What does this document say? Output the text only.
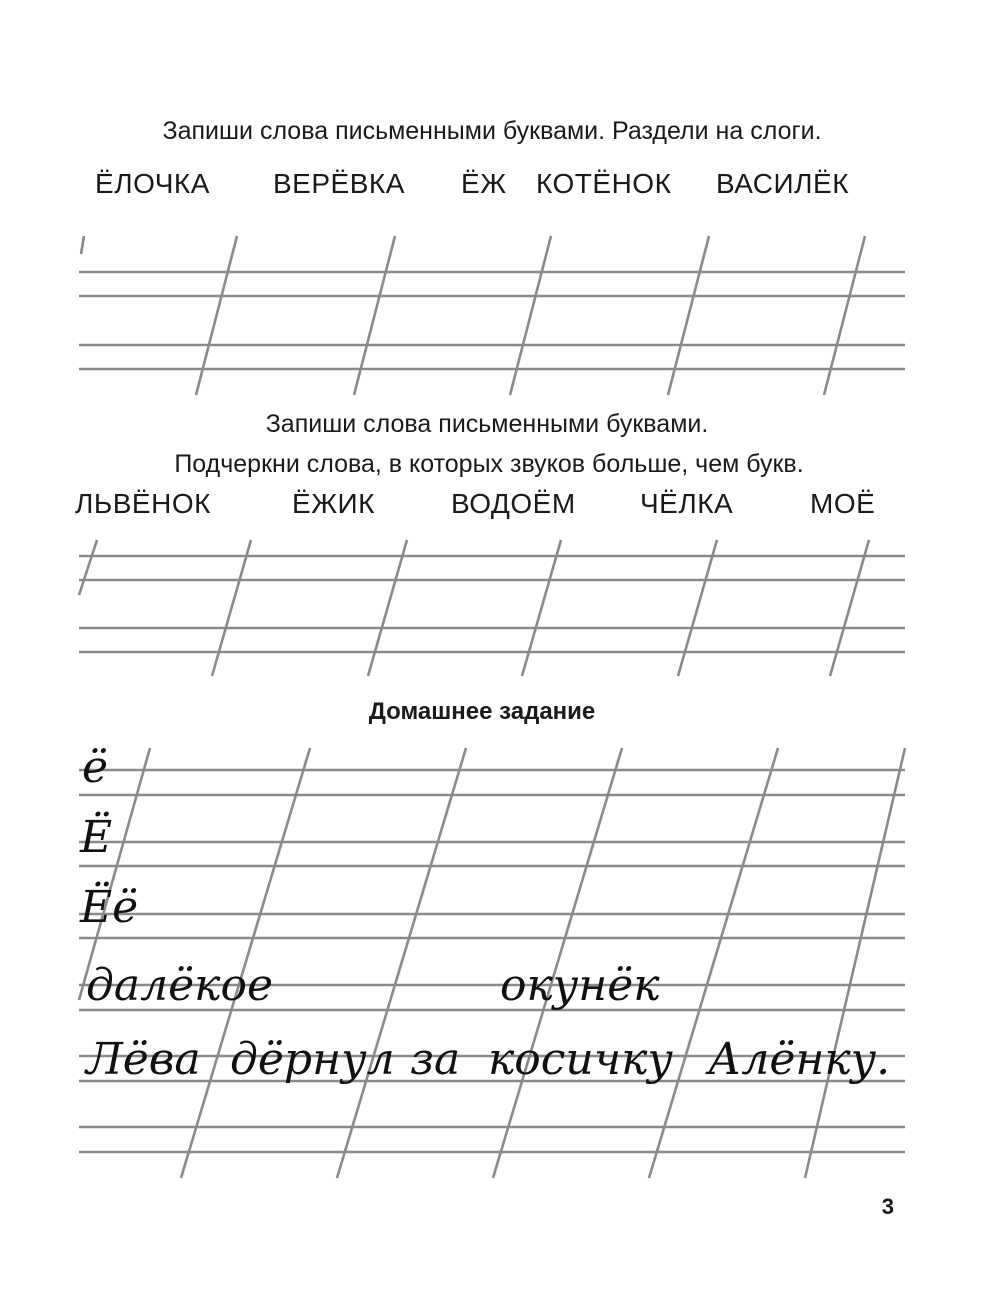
Запиши слова письменными буквами. Раздели на слоги.
ЁЛОЧКА ВЕРЁВКА ЁЖ КОТЁНОК ВАСИЛЁК
Запиши слова письменными буквами.
Подчеркни слова, в которых звуков больше, чем букв.
ЛЬВЁНОК	ЁЖИК	ВОДОЁМ ЧЁЛКА	МОЁ
Домашнее задание
ё
Ё
Ёё
далёкое	окунёк
Лёва дёрнул за косичку Алёнку.
3
